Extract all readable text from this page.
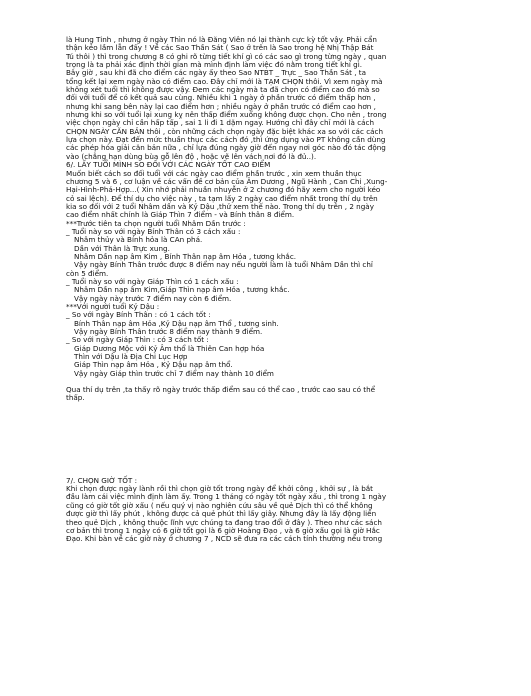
là Hung Tinh , nhưng ở ngày Thìn nó là Đăng Viên nó lại thành cực kỳ tốt vậy. Phải cẩn

thận kẻo lầm lẫn đấy ! Về các Sao Thần Sát ( Sao ở trên là Sao trong hệ Nhị Thập Bát

Tú thôi ) thì trong chương 8 có ghi rõ từng tiết khí gì có các sao gì trong từng ngày , quan

trọng là ta phải xác định thời gian mà mình định làm việc đó nằm trong tiết khí gì.

Bây giờ , sau khi đã cho điểm các ngày ấy theo Sao NTBT _ Trực _ Sao Thần Sát , ta

tổng kết lại xem ngày nào có điểm cao. Đây chỉ mới là TẠM CHỌN thôi. Vì xem ngày mà

không xét tuổi thì không được vậy. Đem các ngày mà ta đã chọn có điểm cao đó mà so

đối với tuổi để có kết quả sau cùng. Nhiều khi 1 ngày ở phần trước có điểm thấp hơn ,

nhưng khi sang bên này lại cao điểm hơn ; nhiều ngày ở phần trước có điểm cao hơn ,

nhưng khi so với tuổi lại xung kỵ nên thấp điểm xuống không được chọn. Cho nên , trong

việc chọn ngày chỉ cần hấp tấp , sai 1 li đi 1 dặm ngay. Hướng chỉ đây chỉ mới là cách

CHỌN NGÀY CĂN BẢN thôi , còn những cách chọn ngày đặc biệt khác xa so với các cách

lựa chọn này. Đạt đến mức thuần thục các cách đó ,thì ứng dụng vào PT không cần dùng

các phép hóa giải căn bản nữa , chỉ lựa đúng ngày giờ đến ngay nơi góc nào đó tác động

vào (chẳng hạn dùng bùa gỗ lên độ , hoặc vẽ lên vách nơi đó là đủ..).

6/. LẤY TUỔI MÌNH SO ĐỐI VỚI CÁC NGÀY TỐT CAO ĐIỂM

Muốn biết cách so đối tuổi với các ngày cao điểm phần trước , xin xem thuần thục

chương 5 và 6 , cơ luận về các vấn đề cơ bản của Âm Dương , Ngũ Hành , Can Chi ,Xung-

Hại-Hình-Phá-Hợp...( Xin nhớ phải nhuần nhuyễn ở 2 chương đó hãy xem cho người kéo

cỏ sai lệch). Để thí dụ cho việc này , ta tạm lấy 2 ngày cao điểm nhất trong thí dụ trên

kia so đối với 2 tuổi Nhâm dần và Kỷ Dậu ,thử xem thế nào. Trong thí dụ trên , 2 ngày

cao điểm nhất chính là Giáp Thìn 7 điểm - và Bính thân 8 điểm.

***Trước tiên ta chọn người tuổi Nhâm Dần trước :

_ Tuổi này so với ngày Bính Thân có 3 cách xấu :

Nhâm thủy và Bính hỏa là CAn phá.

Dần với Thân là Trực xung.

Nhâm Dần nạp âm Kim , Bính Thân nạp âm Hỏa , tương khắc.

Vậy ngày Bính Thân trước được 8 điểm nay nếu người làm là tuổi Nhâm Dần thì chỉ

còn 5 điểm.

_ Tuổi này so với ngày Giáp Thìn có 1 cách xấu :

Nhâm Dần nạp âm Kim,Giáp Thìn nạp âm Hỏa , tương khắc.

Vậy ngày này trước 7 điểm nay còn 6 điểm.

***Với người tuổi Kỷ Dậu :

_ So với ngày Bính Thân : có 1 cách tốt :

Bính Thân nạp âm Hỏa ,Kỷ Dậu nạp âm Thổ , tương sinh.

Vậy ngày Bính Thân trước 8 điểm nay thành 9 điểm.

_ So với ngày Giáp Thìn : có 3 cách tốt :

Giáp Dương Mộc với Kỷ Âm thổ là Thiên Can hợp hóa

Thìn với Dậu là Địa Chi Lục Hợp

Giáp Thìn nạp âm Hỏa , Kỷ Dậu nạp âm thổ.

Vậy ngày Giáp thìn trước chỉ 7 điểm nay thành 10 điểm

Qua thí dụ trên ,ta thấy rõ ngày trước thấp điểm sau có thể cao , trước cao sau có thể

thấp.

7/. CHỌN GIỜ TỐT :

Khi chọn được ngày lành rồi thì chọn giờ tốt trong ngày để khởi công , khởi sự , là bắt

đầu làm cái việc mình định làm ấy. Trong 1 tháng có ngày tốt ngày xấu , thì trong 1 ngày

cũng có giờ tốt giờ xấu ( nếu quý vị nào nghiên cứu sâu về quẻ Dịch thì có thể không

được giờ thì lấy phút , không được cả quẻ phút thì lấy giây. Nhưng đây là lấy động liền

theo quẻ Dịch , không thuộc lĩnh vực chúng ta đang trao đổi ở đây ). Theo như các sách

cơ bản thì trong 1 ngày có 6 giờ tốt gọi là 6 giờ Hoàng Đạo , và 6 giờ xấu gọi là giờ Hắc

Đạo. Khi bàn về các giờ này ở chương 7 , NCD sẽ đưa ra các cách tính thường nếu trong
